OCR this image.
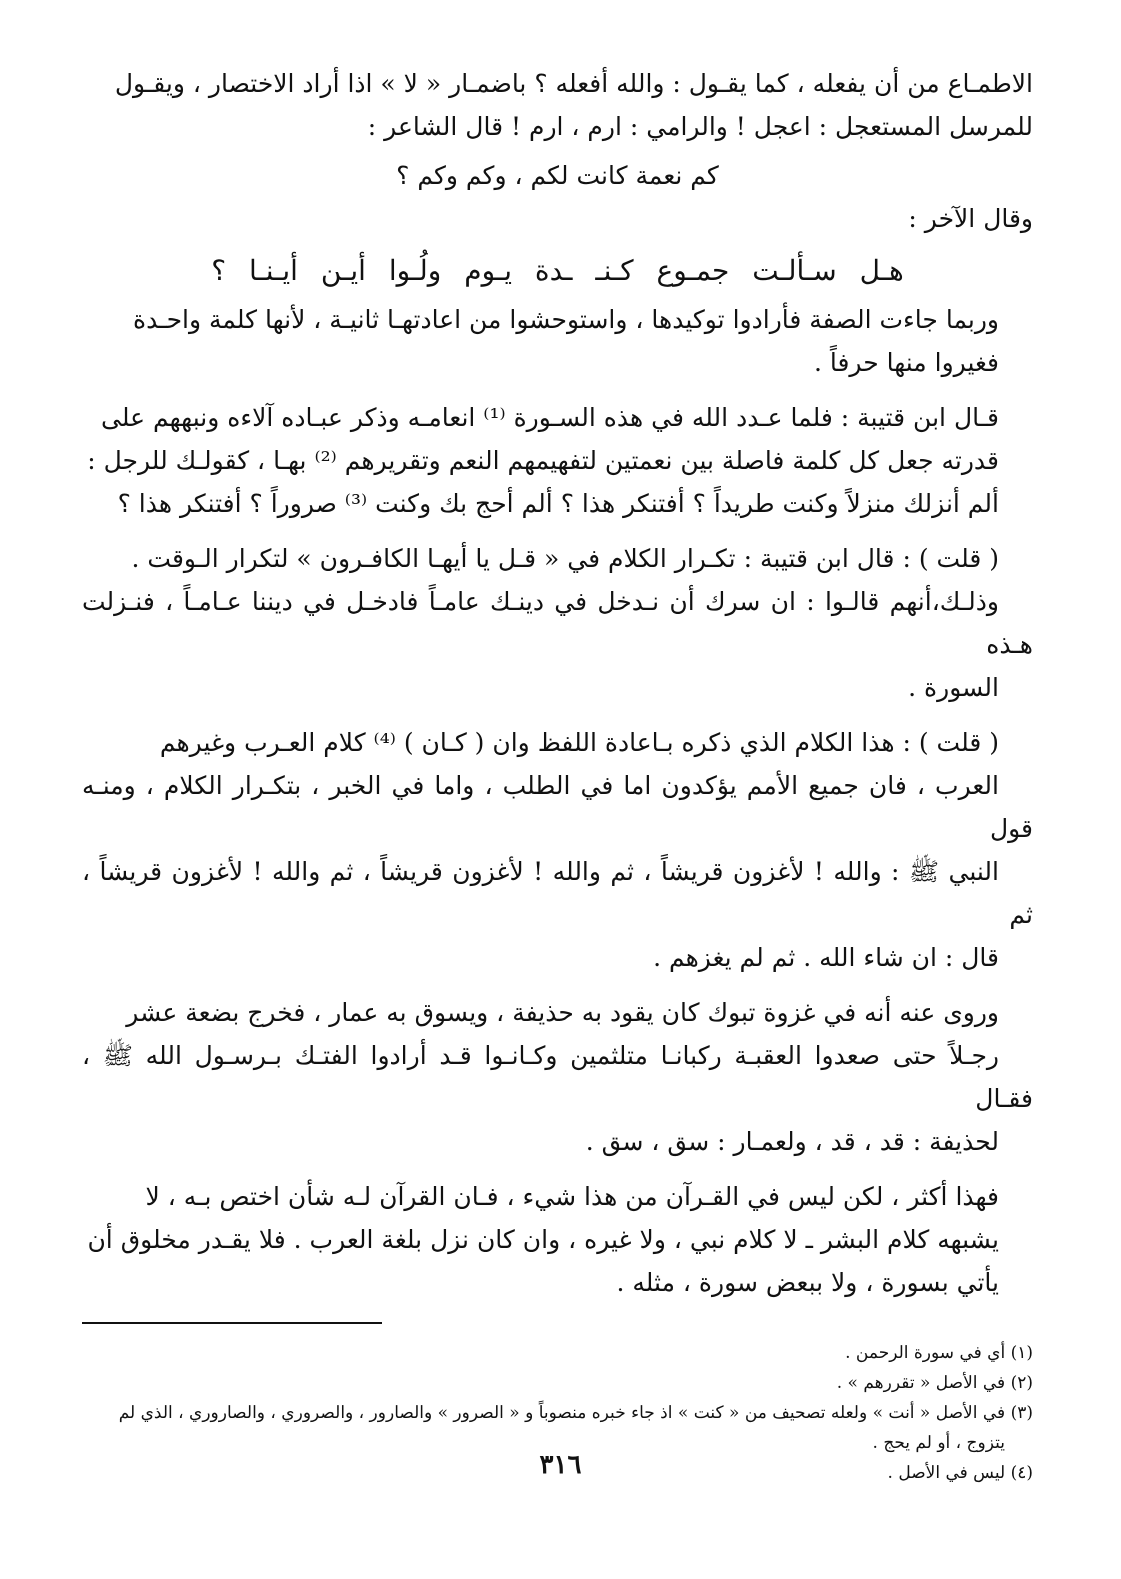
الاطمـاع من أن يفعله ، كما يقـول : والله أفعله ؟ باضمـار « لا » اذا أراد الاختصار ، ويقـول
للمرسل المستعجل : اعجل ! والرامي : ارم ، ارم ! قال الشاعر :

كم نعمة كانت لكم ، وكم وكم ؟

وقال الآخر :

هـل سـألـت جمـوع كـنـ ـدة يـوم ولُـوا أيـن أيـنـا ؟

وربما جاءت الصفة فأرادوا توكيدها ، واستوحشوا من اعادتهـا ثانيـة ، لأنها كلمة واحـدة
فغيروا منها حرفاً .

قـال ابن قتيبة : فلما عـدد الله في هذه السـورة ⁽¹⁾ انعامـه وذكر عبـاده آلاءه ونبههم على
قدرته جعل كل كلمة فاصلة بين نعمتين لتفهيمهم النعم وتقريرهم ⁽²⁾ بهـا ، كقولـك للرجل :
ألم أنزلك منزلاً وكنت طريداً ؟ أفتنكر هذا ؟ ألم أحج بك وكنت ⁽³⁾ صروراً ؟ أفتنكر هذا ؟

( قلت ) : قال ابن قتيبة : تكـرار الكلام في « قـل يا أيهـا الكافـرون » لتكرار الـوقت .
وذلـك،أنهم قالـوا : ان سرك أن نـدخل في دينـك عامـاً فادخـل في ديننا عـامـاً ، فنـزلت هـذه
السورة .

( قلت ) : هذا الكلام الذي ذكره بـاعادة اللفظ وان ( كـان ) ⁽⁴⁾ كلام العـرب وغيرهم
العرب ، فان جميع الأمم يؤكدون اما في الطلب ، واما في الخبر ، بتكـرار الكلام ، ومنـه قول
النبي ﷺ : والله ! لأغزون قريشاً ، ثم والله ! لأغزون قريشاً ، ثم والله ! لأغزون قريشاً ، ثم
قال : ان شاء الله . ثم لم يغزهم .

وروى عنه أنه في غزوة تبوك كان يقود به حذيفة ، ويسوق به عمار ، فخرج بضعة عشر
رجـلاً حتى صعدوا العقبـة ركبانـا متلثمين وكـانـوا قـد أرادوا الفتـك بـرسـول الله ﷺ ، فقـال
لحذيفة : قد ، قد ، ولعمـار : سق ، سق .

فهذا أكثر ، لكن ليس في القـرآن من هذا شيء ، فـان القرآن لـه شأن اختص بـه ، لا
يشبهه كلام البشر ـ لا كلام نبي ، ولا غيره ، وان كان نزل بلغة العرب . فلا يقـدر مخلوق أن
يأتي بسورة ، ولا ببعض سورة ، مثله .

(١) أي في سورة الرحمن .

(٢) في الأصل « تقررهم » .

(٣) في الأصل « أنت » ولعله تصحيف من « كنت » اذ جاء خبره منصوباً و « الصرور » والصارور ، والصروري ، والصاروري ، الذي لم

يتزوج ، أو لم يحج .

(٤) ليس في الأصل .

٣١٦
